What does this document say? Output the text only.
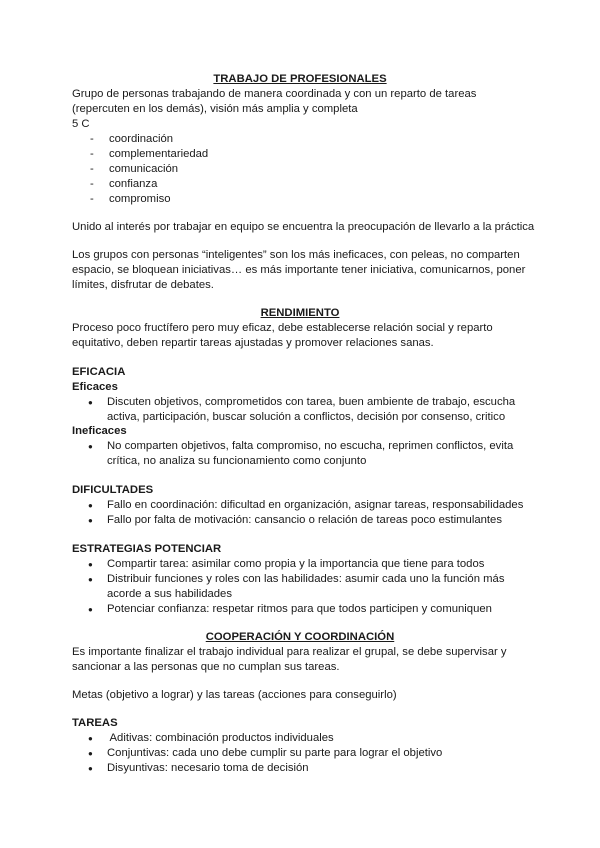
TRABAJO DE PROFESIONALES

Grupo de personas trabajando de manera coordinada y con un reparto de tareas (repercuten en los demás), visión más amplia y completa

5 C

- coordinación
- complementariedad
- comunicación
- confianza
- compromiso

Unido al interés por trabajar en equipo se encuentra la preocupación de llevarlo a la práctica

Los grupos con personas “inteligentes” son los más ineficaces, con peleas, no comparten espacio, se bloquean iniciativas… es más importante tener iniciativa, comunicarnos, poner límites, disfrutar de debates.

RENDIMIENTO

Proceso poco fructífero pero muy eficaz, debe establecerse relación social y reparto equitativo, deben repartir tareas ajustadas y promover relaciones sanas.

EFICACIA
Eficaces
● Discuten objetivos, comprometidos con tarea, buen ambiente de trabajo, escucha activa, participación, buscar solución a conflictos, decisión por consenso, critico
Ineficaces
● No comparten objetivos, falta compromiso, no escucha, reprimen conflictos, evita crítica, no analiza su funcionamiento como conjunto
DIFICULTADES
● Fallo en coordinación: dificultad en organización, asignar tareas, responsabilidades
● Fallo por falta de motivación: cansancio o relación de tareas poco estimulantes
ESTRATEGIAS POTENCIAR
● Compartir tarea: asimilar como propia y la importancia que tiene para todos
● Distribuir funciones y roles con las habilidades: asumir cada uno la función más acorde a sus habilidades
● Potenciar confianza: respetar ritmos para que todos participen y comuniquen
COOPERACIÓN Y COORDINACIÓN

Es importante finalizar el trabajo individual para realizar el grupal, se debe supervisar y sancionar a las personas que no cumplan sus tareas.

Metas (objetivo a lograr) y las tareas (acciones para conseguirlo)

TAREAS
●  Aditivas: combinación productos individuales
● Conjuntivas: cada uno debe cumplir su parte para lograr el objetivo
● Disyuntivas: necesario toma de decisión
